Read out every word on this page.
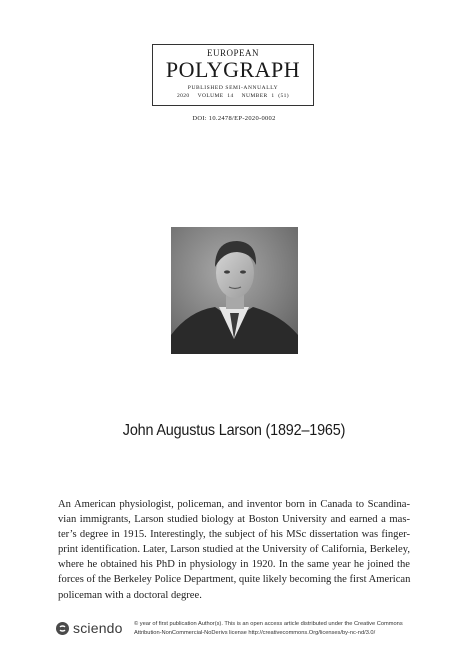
EUROPEAN
POLYGRAPH
PUBLISHED SEMI-ANNUALLY
2020 VOLUME 14 NUMBER 1 (51)
DOI: 10.2478/EP-2020-0002
John Augustus Larson (1892–1965)

An American physiologist, policeman, and inventor born in Canada to Scandina-
vian immigrants, Larson studied biology at Boston University and earned a mas-
ter’s degree in 1915. Interestingly, the subject of his MSc dissertation was finger-
print identification. Later, Larson studied at the University of California, Berkeley,
where he obtained his PhD in physiology in 1920. In the same year he joined the
forces of the Berkeley Police Department, quite likely becoming the first American
policeman with a doctoral degree.

sciendo © year of first publication Author(s). This is an open access article distributed under the Creative Commons
Attribution-NonCommercial-NoDerivs license http://creativecommons.Org/licenses/by-nc-nd/3.0/
